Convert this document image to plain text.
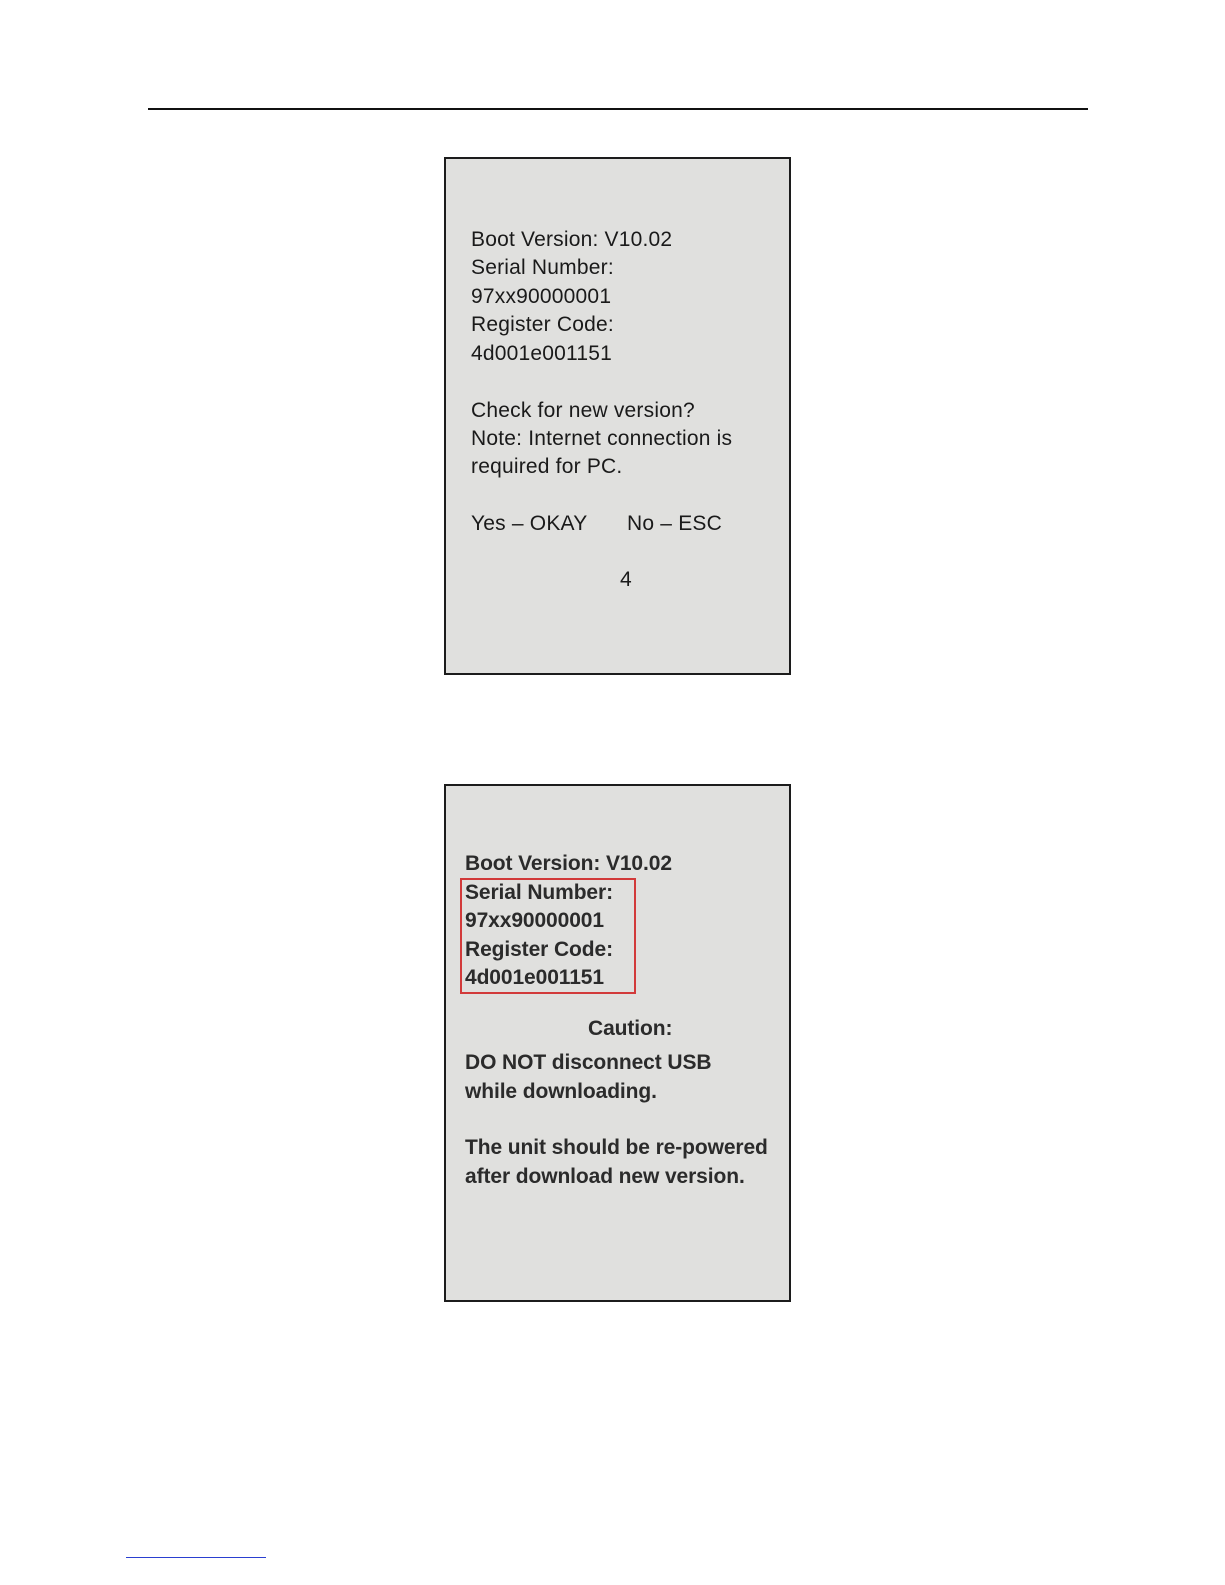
Boot Version: V10.02
Serial Number:
97xx90000001
Register Code:
4d001e001151
Check for new version?
Note: Internet connection is
required for PC.
Yes – OKAY No – ESC
4
Boot Version: V10.02
Serial Number:
97xx90000001
Register Code:
4d001e001151
Caution:
DO NOT disconnect USB
while downloading.
The unit should be re-powered
after download new version.
